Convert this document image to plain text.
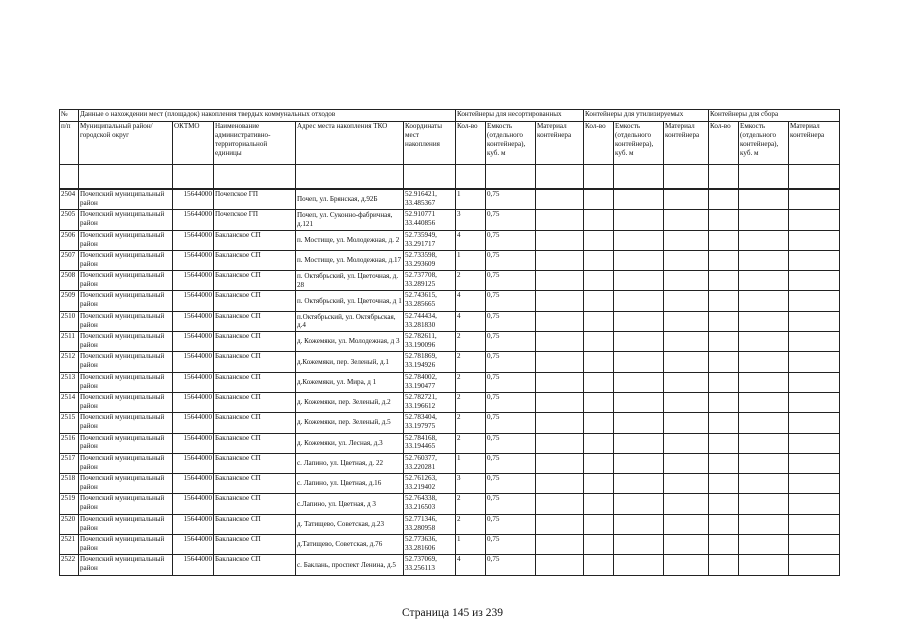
№	Данные о нахождении мест (площадок) накопления твердых коммунальных отходов					Контейнеры для несортированных			Контейнеры для утилизируемых			Контейнеры для сбора		
п/п	Муниципальный район/городской округ	ОКТМО	Наименование административно-территориальной единицы	Адрес места накопления ТКО	Координаты мест накопления	Кол-во	Емкость (отдельного контейнера), куб. м	Материал контейнера	Кол-во	Емкость (отдельного контейнера), куб. м	Материал контейнера	Кол-во	Емкость (отдельного контейнера), куб. м	Материал контейнера

2504	Почепский муниципальный район	15644000	Почепское ГП	Почеп, ул. Брянская, д.92Б	52.916421, 33.485367	1	0,75							
2505	Почепский муниципальный район	15644000	Почепское ГП	Почеп, ул. Суконно-фабричная, д.121	52.910771 33.440856	3	0,75							
2506	Почепский муниципальный район	15644000	Бакланское СП	п. Мостище, ул. Молодежная, д. 2	52.735949, 33.291717	4	0,75							
2507	Почепский муниципальный район	15644000	Бакланское СП	п. Мостище, ул. Молодежная, д.17	52.733598, 33.293609	1	0,75							
2508	Почепский муниципальный район	15644000	Бакланское СП	п. Октябрьский, ул. Цветочная, д. 28	52.737708, 33.289125	2	0,75							
2509	Почепский муниципальный район	15644000	Бакланское СП	п. Октябрьский, ул. Цветочная, д 1	52.743615, 33.285665	4	0,75							
2510	Почепский муниципальный район	15644000	Бакланское СП	п.Октябрьский, ул. Октябрьская, д.4	52.744434, 33.281830	4	0,75							
2511	Почепский муниципальный район	15644000	Бакланское СП	д. Кожемяки, ул. Молодежная, д 3	52.782611, 33.190096	2	0,75							
2512	Почепский муниципальный район	15644000	Бакланское СП	д.Кожемяки, пер. Зеленый, д.1	52.781869, 33.194926	2	0,75							
2513	Почепский муниципальный район	15644000	Бакланское СП	д.Кожемяки, ул. Мира, д 1	52.784002, 33.190477	2	0,75							
2514	Почепский муниципальный район	15644000	Бакланское СП	д. Кожемяки, пер. Зеленый, д.2	52.782721, 33.196612	2	0,75							
2515	Почепский муниципальный район	15644000	Бакланское СП	д. Кожемяки, пер. Зеленый, д.5	52.783404, 33.197975	2	0,75							
2516	Почепский муниципальный район	15644000	Бакланское СП	д. Кожемяки, ул. Лесная, д.3	52.784168, 33.194465	2	0,75							
2517	Почепский муниципальный район	15644000	Бакланское СП	с. Лапино, ул. Цветная, д. 22	52.760377, 33.220281	1	0,75							
2518	Почепский муниципальный район	15644000	Бакланское СП	с. Лапино, ул. Цветная, д.16	52.761263, 33.219402	3	0,75							
2519	Почепский муниципальный район	15644000	Бакланское СП	с.Лапино, ул. Цветная, д 3	52.764338, 33.216503	2	0,75							
2520	Почепский муниципальный район	15644000	Бакланское СП	д. Татищево, Советская, д.23	52.771346, 33.280958	2	0,75							
2521	Почепский муниципальный район	15644000	Бакланское СП	д.Татищево, Советская, д.76	52.773636, 33.281606	1	0,75							
2522	Почепский муниципальный район	15644000	Бакланское СП	с. Баклань, проспект Ленина, д.5	52.737069, 33.256113	4	0,75							
Страница 145 из 239
